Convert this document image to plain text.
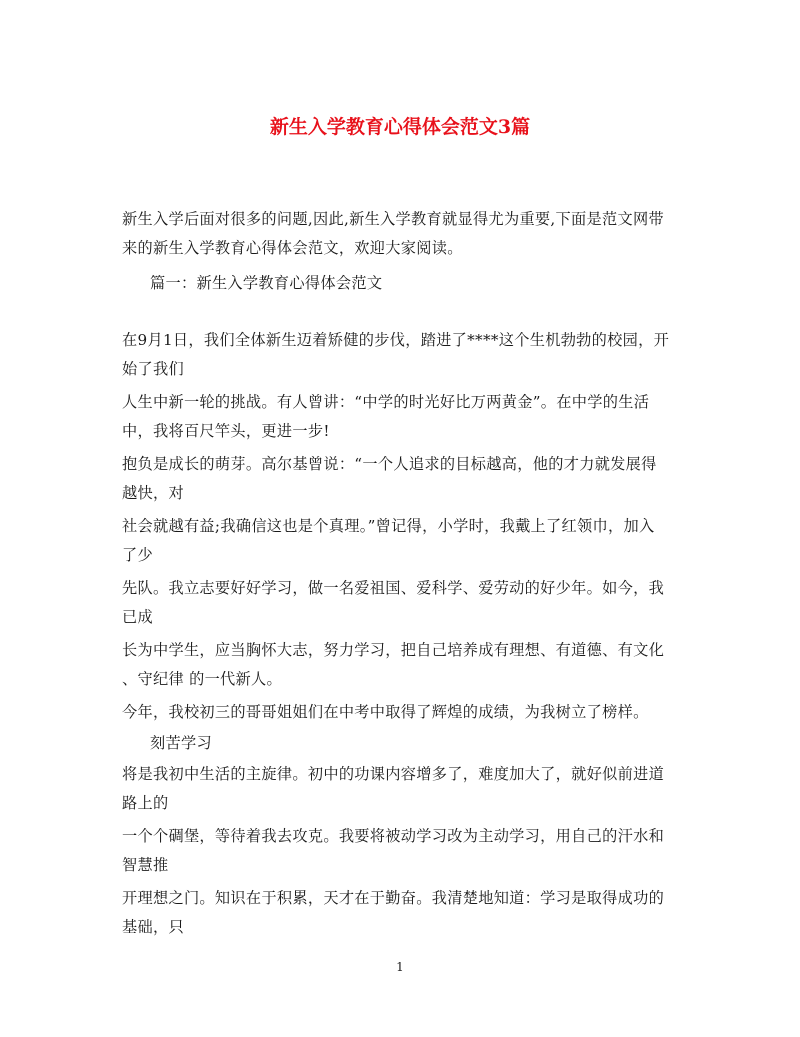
新生入学教育心得体会范文3篇
新生入学后面对很多的问题,因此,新生入学教育就显得尤为重要,下面是范文网带
来的新生入学教育心得体会范文，欢迎大家阅读。
篇一：新生入学教育心得体会范文
在9月1日，我们全体新生迈着矫健的步伐，踏进了****这个生机勃勃的校园，开
始了我们
人生中新一轮的挑战。有人曾讲：“中学的时光好比万两黄金”。在中学的生活
中，我将百尺竿头，更进一步!
抱负是成长的萌芽。高尔基曾说：“一个人追求的目标越高，他的才力就发展得
越快，对
社会就越有益;我确信这也是个真理。”曾记得，小学时，我戴上了红领巾，加入
了少
先队。我立志要好好学习，做一名爱祖国、爱科学、爱劳动的好少年。如今，我
已成
长为中学生，应当胸怀大志，努力学习，把自己培养成有理想、有道德、有文化
、守纪律 的一代新人。
今年，我校初三的哥哥姐姐们在中考中取得了辉煌的成绩，为我树立了榜样。
刻苦学习
将是我初中生活的主旋律。初中的功课内容增多了，难度加大了，就好似前进道
路上的
一个个碉堡，等待着我去攻克。我要将被动学习改为主动学习，用自己的汗水和
智慧推
开理想之门。知识在于积累，天才在于勤奋。我清楚地知道：学习是取得成功的
基础，只
1
